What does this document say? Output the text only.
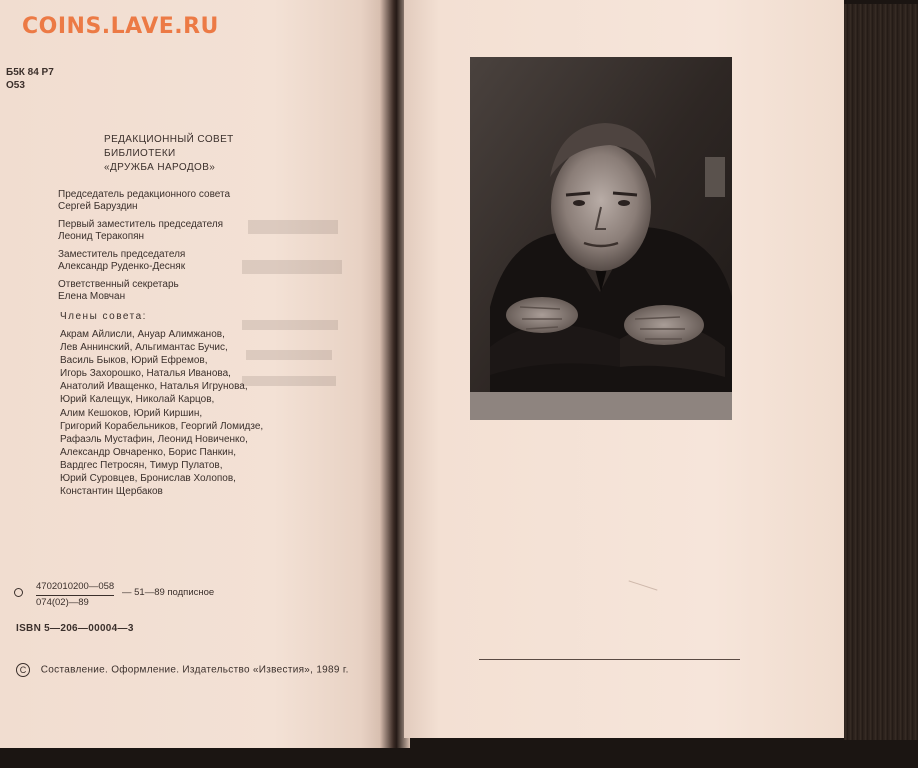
COINS.LAVE.RU
Б5К 84 Р7
О53
РЕДАКЦИОННЫЙ СОВЕТ
БИБЛИОТЕКИ
«ДРУЖБА НАРОДОВ»
Председатель редакционного совета
Сергей Баруздин
Первый заместитель председателя
Леонид Теракопян
Заместитель председателя
Александр Руденко-Десняк
Ответственный секретарь
Елена Мовчан
Члены совета:
Акрам Айлисли, Ануар Алимжанов,
Лев Аннинский, Альгимантас Бучис,
Василь Быков, Юрий Ефремов,
Игорь Захорошко, Наталья Иванова,
Анатолий Иващенко, Наталья Игрунова,
Юрий Калещук, Николай Карцов,
Алим Кешоков, Юрий Киршин,
Григорий Корабельников, Георгий Ломидзе,
Рафаэль Мустафин, Леонид Новиченко,
Александр Овчаренко, Борис Панкин,
Вардгес Петросян, Тимур Пулатов,
Юрий Суровцев, Бронислав Холопов,
Константин Щербаков
$\frac{4702010200—058}{074(02)—89}$ — 51—89 подписное
ISBN 5—206—00004—3
C Составление. Оформление. Издательство «Известия», 1989 г.
